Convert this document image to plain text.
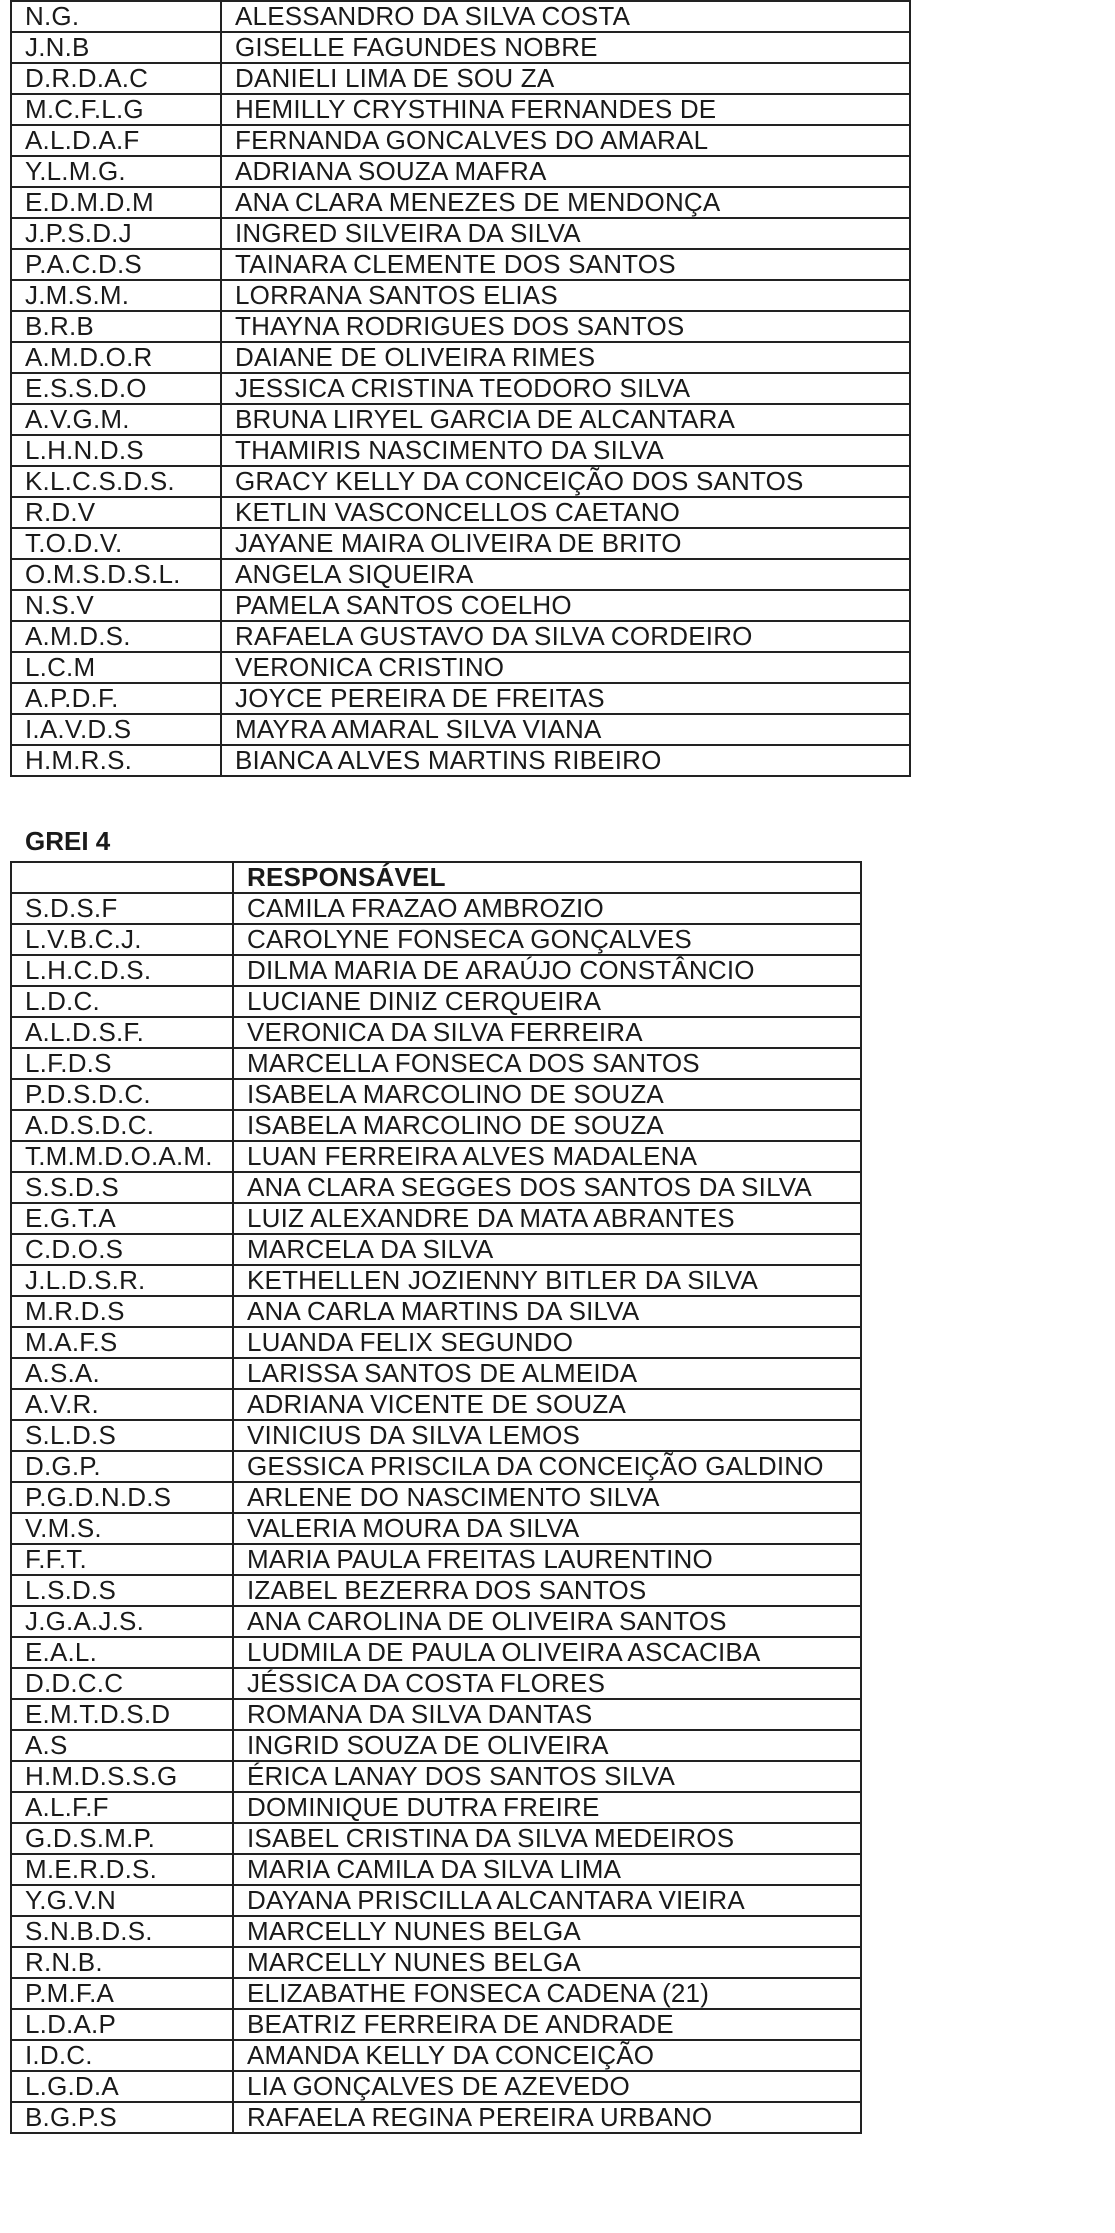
N.G.	ALESSANDRO DA SILVA COSTA
J.N.B	GISELLE FAGUNDES NOBRE
D.R.D.A.C	DANIELI LIMA DE SOU ZA
M.C.F.L.G	HEMILLY CRYSTHINA FERNANDES DE
A.L.D.A.F	FERNANDA GONCALVES DO AMARAL
Y.L.M.G.	ADRIANA SOUZA MAFRA
E.D.M.D.M	ANA CLARA MENEZES DE MENDONÇA
J.P.S.D.J	INGRED SILVEIRA DA SILVA
P.A.C.D.S	TAINARA CLEMENTE DOS SANTOS
J.M.S.M.	LORRANA SANTOS ELIAS
B.R.B	THAYNA RODRIGUES DOS SANTOS
A.M.D.O.R	DAIANE DE OLIVEIRA RIMES
E.S.S.D.O	JESSICA CRISTINA TEODORO SILVA
A.V.G.M.	BRUNA LIRYEL GARCIA DE ALCANTARA
L.H.N.D.S	THAMIRIS NASCIMENTO DA SILVA
K.L.C.S.D.S.	GRACY KELLY DA CONCEIÇÃO DOS SANTOS
R.D.V	KETLIN VASCONCELLOS CAETANO
T.O.D.V.	JAYANE MAIRA OLIVEIRA DE BRITO
O.M.S.D.S.L.	ANGELA SIQUEIRA
N.S.V	PAMELA SANTOS COELHO
A.M.D.S.	RAFAELA GUSTAVO DA SILVA CORDEIRO
L.C.M	VERONICA CRISTINO
A.P.D.F.	JOYCE PEREIRA DE FREITAS
I.A.V.D.S	MAYRA AMARAL SILVA VIANA
H.M.R.S.	BIANCA ALVES MARTINS RIBEIRO
GREI 4
	RESPONSÁVEL
S.D.S.F	CAMILA FRAZAO AMBROZIO
L.V.B.C.J.	CAROLYNE FONSECA GONÇALVES
L.H.C.D.S.	DILMA MARIA DE ARAÚJO CONSTÂNCIO
L.D.C.	LUCIANE DINIZ CERQUEIRA
A.L.D.S.F.	VERONICA DA SILVA FERREIRA
L.F.D.S	MARCELLA FONSECA DOS SANTOS
P.D.S.D.C.	ISABELA MARCOLINO DE SOUZA
A.D.S.D.C.	ISABELA MARCOLINO DE SOUZA
T.M.M.D.O.A.M.	LUAN FERREIRA ALVES MADALENA
S.S.D.S	ANA CLARA SEGGES DOS SANTOS DA SILVA
E.G.T.A	LUIZ ALEXANDRE DA MATA ABRANTES
C.D.O.S	MARCELA DA SILVA
J.L.D.S.R.	KETHELLEN JOZIENNY BITLER DA SILVA
M.R.D.S	ANA CARLA MARTINS DA SILVA
M.A.F.S	LUANDA FELIX SEGUNDO
A.S.A.	LARISSA SANTOS DE ALMEIDA
A.V.R.	ADRIANA VICENTE DE SOUZA
S.L.D.S	VINICIUS DA SILVA LEMOS
D.G.P.	GESSICA PRISCILA DA CONCEIÇÃO GALDINO
P.G.D.N.D.S	ARLENE DO NASCIMENTO SILVA
V.M.S.	VALERIA MOURA DA SILVA
F.F.T.	MARIA PAULA FREITAS LAURENTINO
L.S.D.S	IZABEL BEZERRA DOS SANTOS
J.G.A.J.S.	ANA CAROLINA DE OLIVEIRA SANTOS
E.A.L.	LUDMILA DE PAULA OLIVEIRA ASCACIBA
D.D.C.C	JÉSSICA DA COSTA FLORES
E.M.T.D.S.D	ROMANA DA SILVA DANTAS
A.S	INGRID SOUZA DE OLIVEIRA
H.M.D.S.S.G	ÉRICA LANAY DOS SANTOS SILVA
A.L.F.F	DOMINIQUE DUTRA FREIRE
G.D.S.M.P.	ISABEL CRISTINA DA SILVA MEDEIROS
M.E.R.D.S.	MARIA CAMILA DA SILVA LIMA
Y.G.V.N	DAYANA PRISCILLA ALCANTARA VIEIRA
S.N.B.D.S.	MARCELLY NUNES BELGA
R.N.B.	MARCELLY NUNES BELGA
P.M.F.A	ELIZABATHE FONSECA CADENA (21)
L.D.A.P	BEATRIZ FERREIRA DE ANDRADE
I.D.C.	AMANDA KELLY DA CONCEIÇÃO
L.G.D.A	LIA GONÇALVES DE AZEVEDO
B.G.P.S	RAFAELA REGINA PEREIRA URBANO
